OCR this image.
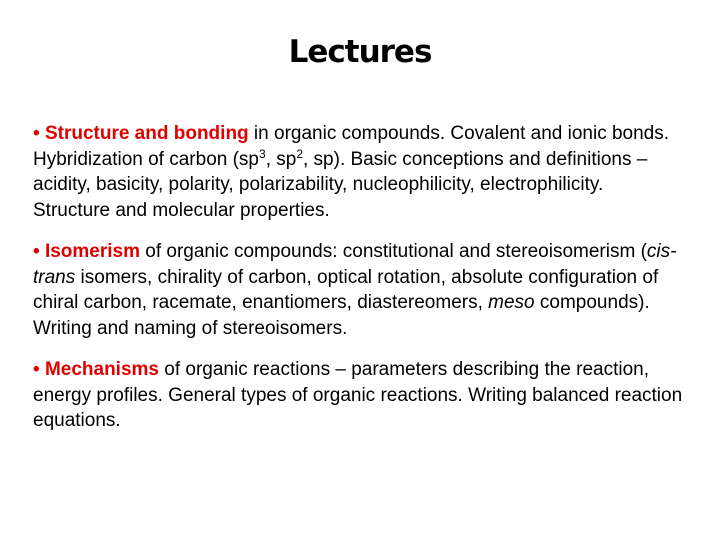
Lectures

• Structure and bonding in organic compounds. Covalent and ionic bonds. Hybridization of carbon ($sp^3$, $sp^2$, sp). Basic conceptions and definitions – acidity, basicity, polarity, polarizability, nucleophilicity, electrophilicity. Structure and molecular properties.

• Isomerism of organic compounds: constitutional and stereoisomerism (cis-trans isomers, chirality of carbon, optical rotation, absolute configuration of chiral carbon, racemate, enantiomers, diastereomers, meso compounds). Writing and naming of stereoisomers.

• Mechanisms of organic reactions – parameters describing the reaction, energy profiles. General types of organic reactions. Writing balanced reaction equations.
